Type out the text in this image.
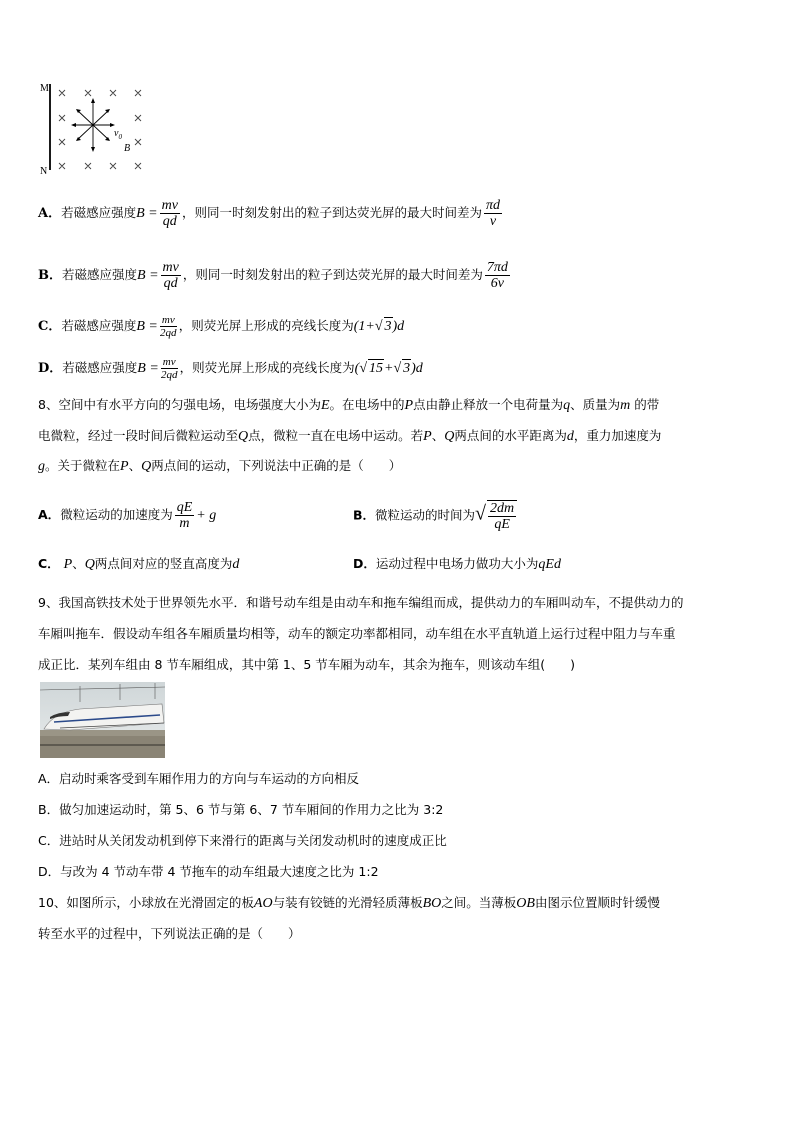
M
N
$v_0$
B
A．若磁感应强度$B = \frac{mv}{qd}$ ，则同一时刻发射出的粒子到达荧光屏的最大时间差为 $\frac{\pi d}{v}$
B．若磁感应强度$B = \frac{mv}{qd}$ ，则同一时刻发射出的粒子到达荧光屏的最大时间差为 $\frac{7\pi d}{6v}$
C．若磁感应强度$B = \frac{mv}{2qd}$ ，则荧光屏上形成的亮线长度为(1+√ 3)d
D．若磁感应强度$B = \frac{mv}{2qd}$ ，则荧光屏上形成的亮线长度为(√ 15+√ 3)d
8、空间中有水平方向的匀强电场，电场强度大小为E。在电场中的P点由静止释放一个电荷量为q、质量为m 的带
电微粒，经过一段时间后微粒运动至Q点，微粒一直在电场中运动。若P、Q两点间的水平距离为d，重力加速度为
g。关于微粒在P、Q两点间的运动，下列说法中正确的是（　　）
A．微粒运动的加速度为 $\frac{qE}{m} + g$	B．微粒运动的时间为√ $\frac{2dm}{qE}$
C． P、Q两点间对应的竖直高度为d	D．运动过程中电场力做功大小为qEd
9、我国高铁技术处于世界领先水平．和谐号动车组是由动车和拖车编组而成，提供动力的车厢叫动车，不提供动力的
车厢叫拖车．假设动车组各车厢质量均相等，动车的额定功率都相同，动车组在水平直轨道上运行过程中阻力与车重
成正比．某列车组由 8 节车厢组成，其中第 1、5 节车厢为动车，其余为拖车，则该动车组(　　)
A．启动时乘客受到车厢作用力的方向与车运动的方向相反
B．做匀加速运动时，第 5、6 节与第 6、7 节车厢间的作用力之比为 3:2
C．进站时从关闭发动机到停下来滑行的距离与关闭发动机时的速度成正比
D．与改为 4 节动车带 4 节拖车的动车组最大速度之比为 1:2
10、如图所示，小球放在光滑固定的板AO与装有铰链的光滑轻质薄板BO之间。当薄板OB由图示位置顺时针缓慢
转至水平的过程中，下列说法正确的是（　　）
